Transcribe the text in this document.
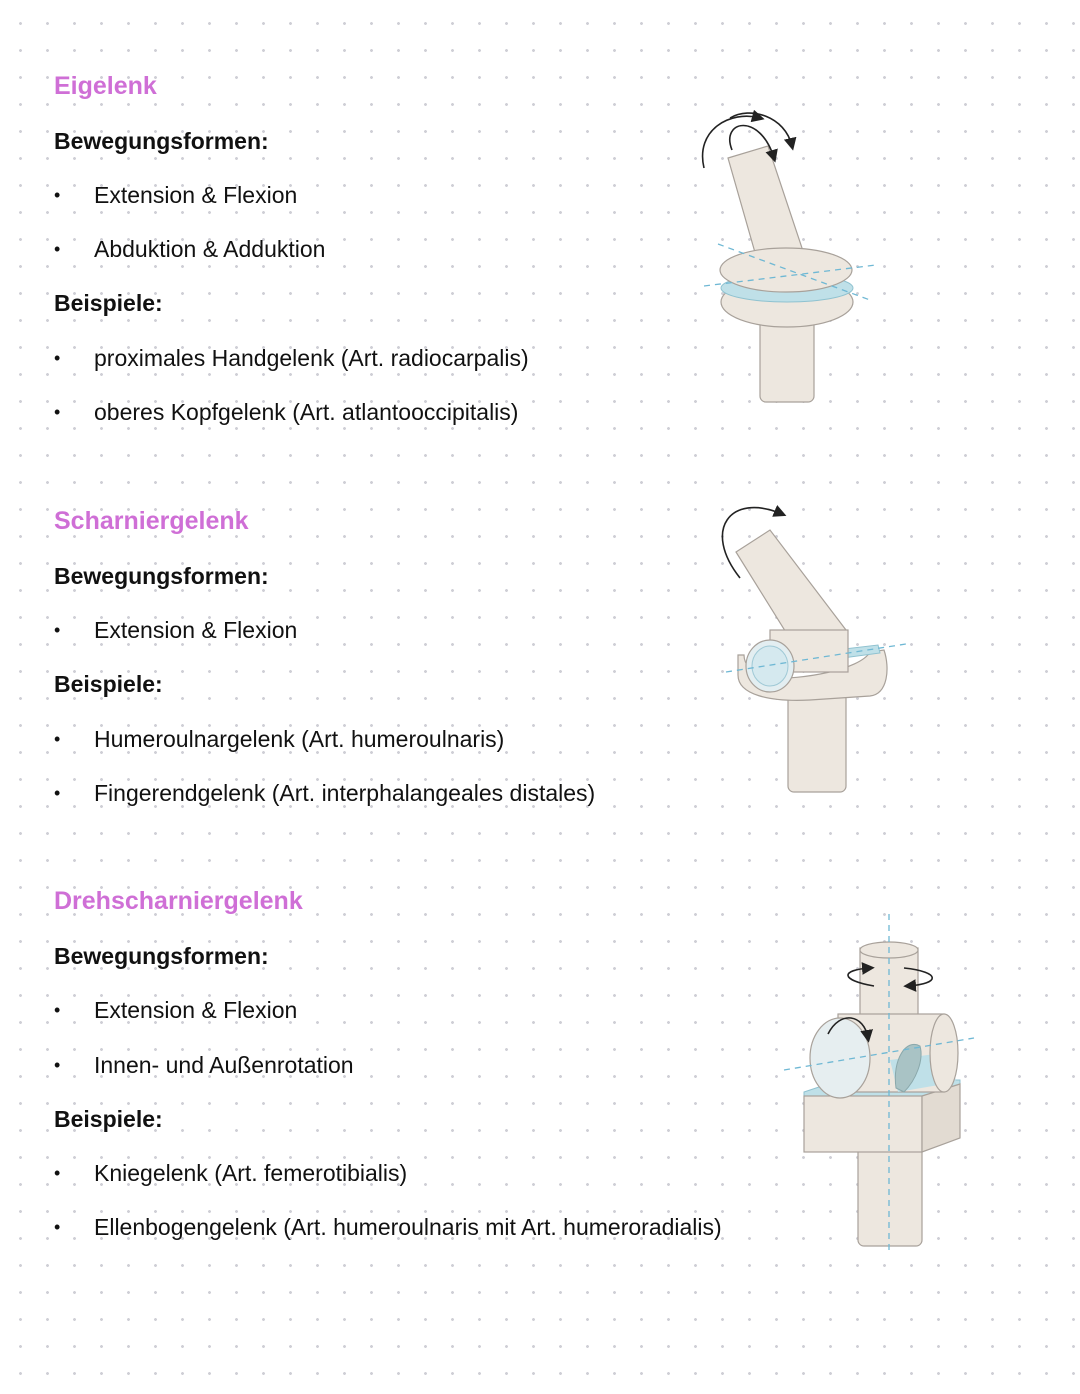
Eigelenk

Bewegungsformen:

• Extension & Flexion
• Abduktion & Adduktion

Beispiele:

• proximales Handgelenk (Art. radiocarpalis)
• oberes Kopfgelenk (Art. atlantooccipitalis)
Scharniergelenk

Bewegungsformen:

• Extension & Flexion

Beispiele:

• Humeroulnargelenk (Art. humeroulnaris)
• Fingerendgelenk (Art. interphalangeales distales)
Drehscharniergelenk

Bewegungsformen:

• Extension & Flexion
• Innen- und Außenrotation

Beispiele:

• Kniegelenk (Art. femerotibialis)
• Ellenbogengelenk (Art. humeroulnaris mit Art. humeroradialis)
